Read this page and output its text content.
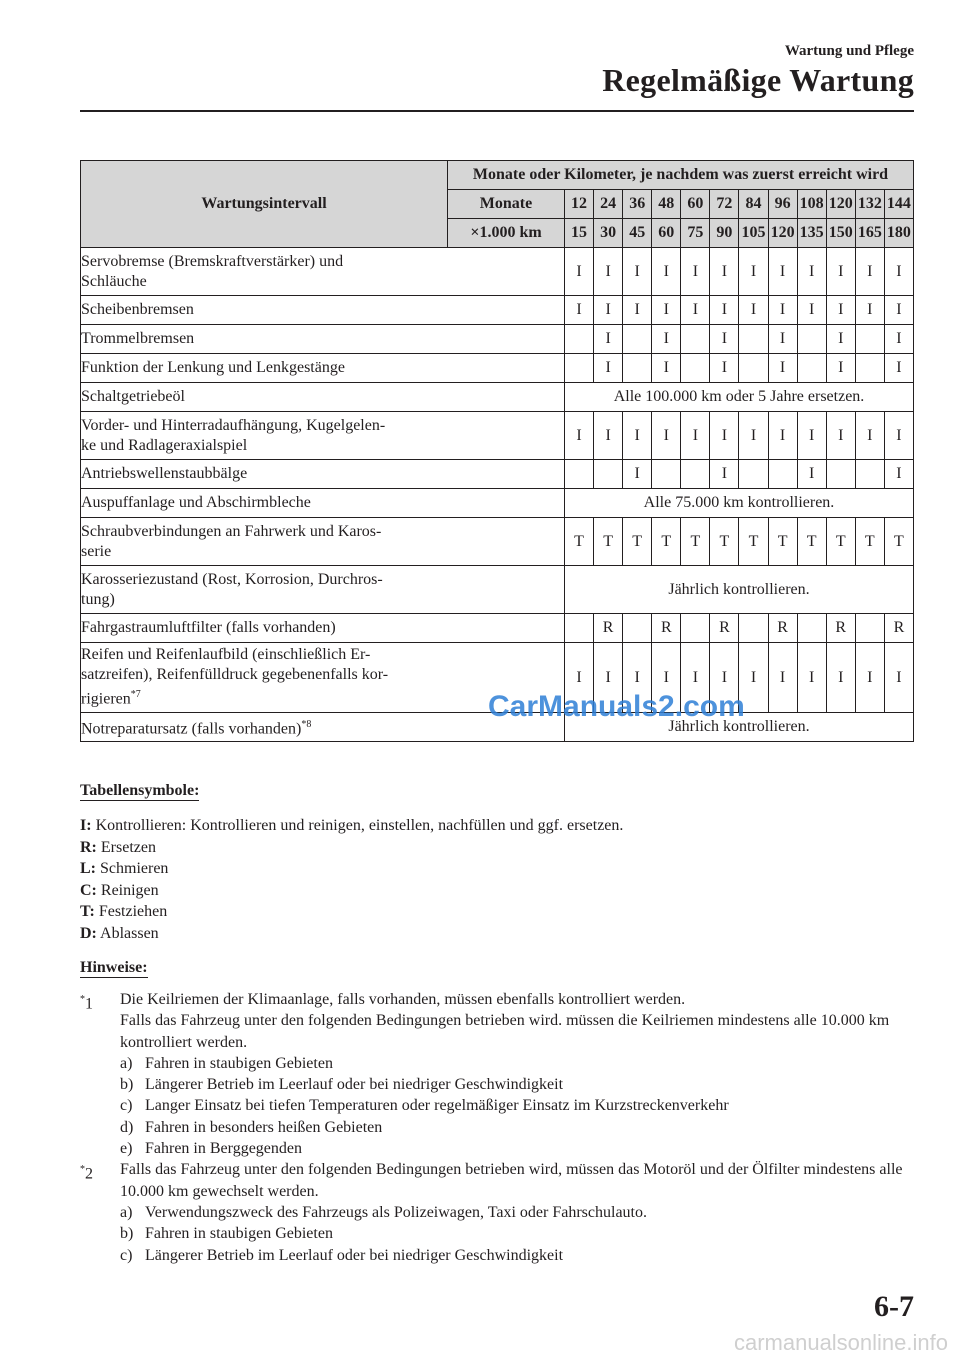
Wartung und Pflege
Regelmäßige Wartung
Wartungsintervall	Monate oder Kilometer, je nachdem was zuerst erreicht wird												
	Monate	12	24	36	48	60	72	84	96	108	120	132	144
	×1.000 km	15	30	45	60	75	90	105	120	135	150	165	180
Servobremse (Bremskraftverstärker) und
Schläuche		I	I	I	I	I	I	I	I	I	I	I	I
Scheibenbremsen		I	I	I	I	I	I	I	I	I	I	I	I
Trommelbremsen			I		I		I		I		I		I
Funktion der Lenkung und Lenkgestänge			I		I		I		I		I		I
Schaltgetriebeöl		Alle 100.000 km oder 5 Jahre ersetzen.											
Vorder- und Hinterradaufhängung, Kugelgelen-
ke und Radlageraxialspiel		I	I	I	I	I	I	I	I	I	I	I	I
Antriebswellenstaubbälge				I			I			I			I
Auspuffanlage und Abschirmbleche		Alle 75.000 km kontrollieren.											
Schraubverbindungen an Fahrwerk und Karos-
serie		T	T	T	T	T	T	T	T	T	T	T	T
Karosseriezustand (Rost, Korrosion, Durchros-
tung)		Jährlich kontrollieren.											
Fahrgastraumluftfilter (falls vorhanden)			R		R		R		R		R		R
Reifen und Reifenlaufbild (einschließlich Er-
satzreifen), Reifenfülldruck gegebenenfalls kor-
rigieren$^{*7}$		I	I	I	I	I	I	I	I	I	I	I	I
Notreparatursatz (falls vorhanden)$^{*8}$		Jährlich kontrollieren.											
Tabellensymbole:
I: Kontrollieren: Kontrollieren und reinigen, einstellen, nachfüllen und ggf. ersetzen.
R: Ersetzen
L: Schmieren
C: Reinigen
T: Festziehen
D: Ablassen
Hinweise:
*1 Die Keilriemen der Klimaanlage, falls vorhanden, müssen ebenfalls kontrolliert werden.
Falls das Fahrzeug unter den folgenden Bedingungen betrieben wird. müssen die Keilriemen mindestens alle 10.000 km kontrolliert werden.
a) Fahren in staubigen Gebieten
b) Längerer Betrieb im Leerlauf oder bei niedriger Geschwindigkeit
c) Langer Einsatz bei tiefen Temperaturen oder regelmäßiger Einsatz im Kurzstreckenverkehr
d) Fahren in besonders heißen Gebieten
e) Fahren in Berggegenden
*2 Falls das Fahrzeug unter den folgenden Bedingungen betrieben wird, müssen das Motoröl und der Ölfilter mindestens alle 10.000 km gewechselt werden.
a) Verwendungszweck des Fahrzeugs als Polizeiwagen, Taxi oder Fahrschulauto.
b) Fahren in staubigen Gebieten
c) Längerer Betrieb im Leerlauf oder bei niedriger Geschwindigkeit
CarManuals2.com
6-7
carmanualsonline.info
